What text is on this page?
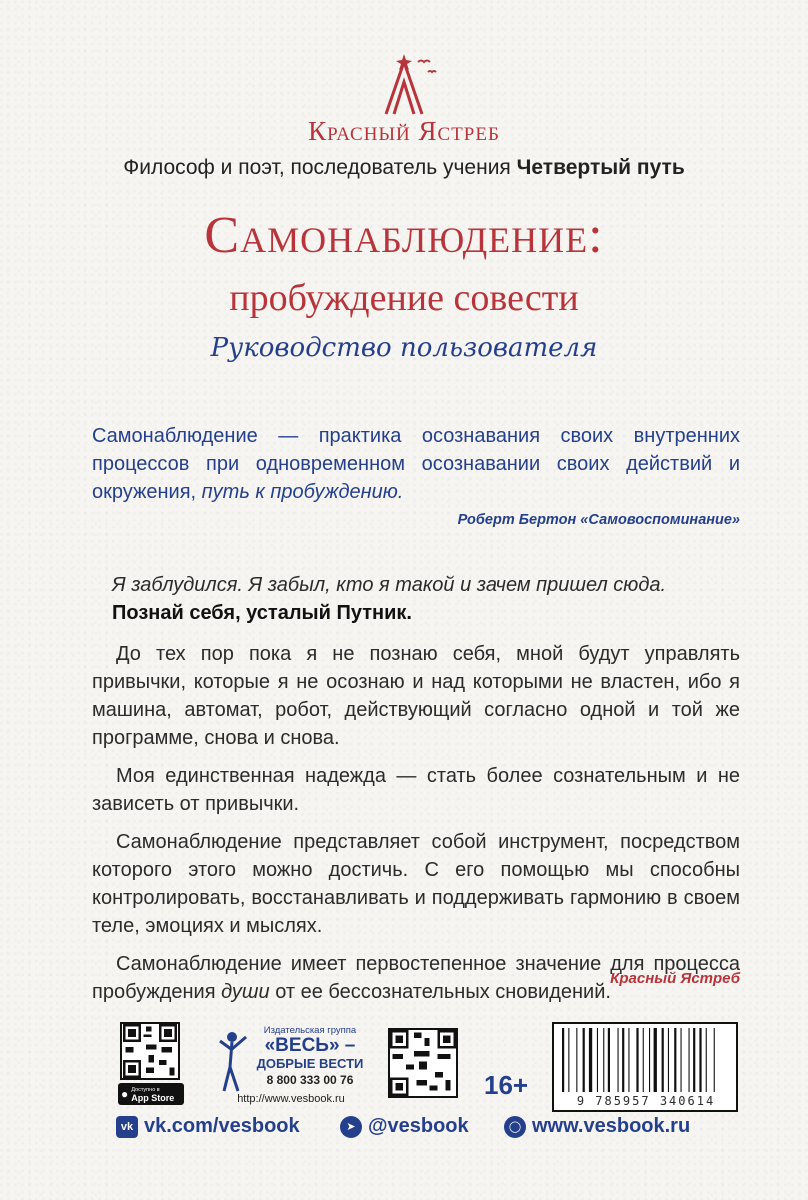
Красный Ястреб
Философ и поэт, последователь учения Четвертый путь
Самонаблюдение:
пробуждение совести
Руководство пользователя
Самонаблюдение — практика осознавания своих внутренних процессов при одновременном осознавании своих действий и окружения, путь к пробуждению.
Роберт Бертон «Самовоспоминание»
Я заблудился. Я забыл, кто я такой и зачем пришел сюда.
Познай себя, усталый Путник.

До тех пор пока я не познаю себя, мной будут управлять привычки, которые я не осознаю и над которыми не властен, ибо я машина, автомат, робот, действующий согласно одной и той же программе, снова и снова.

Моя единственная надежда — стать более сознательным и не зависеть от привычки.

Самонаблюдение представляет собой инструмент, посредством которого этого можно достичь. С его помощью мы способны контролировать, восстанавливать и поддерживать гармонию в своем теле, эмоциях и мыслях.

Самонаблюдение имеет первостепенное значение для процесса пробуждения души от ее бессознательных сновидений.

Красный Ястреб
● Доступно в
App Store
Издательская группа
«ВЕСЬ» –
ДОБРЫЕ ВЕСТИ
8 800 333 00 76
http://www.vesbook.ru	16+
9 785957 340614
vk vk.com/vesbook	➤ @vesbook	◯ www.vesbook.ru
